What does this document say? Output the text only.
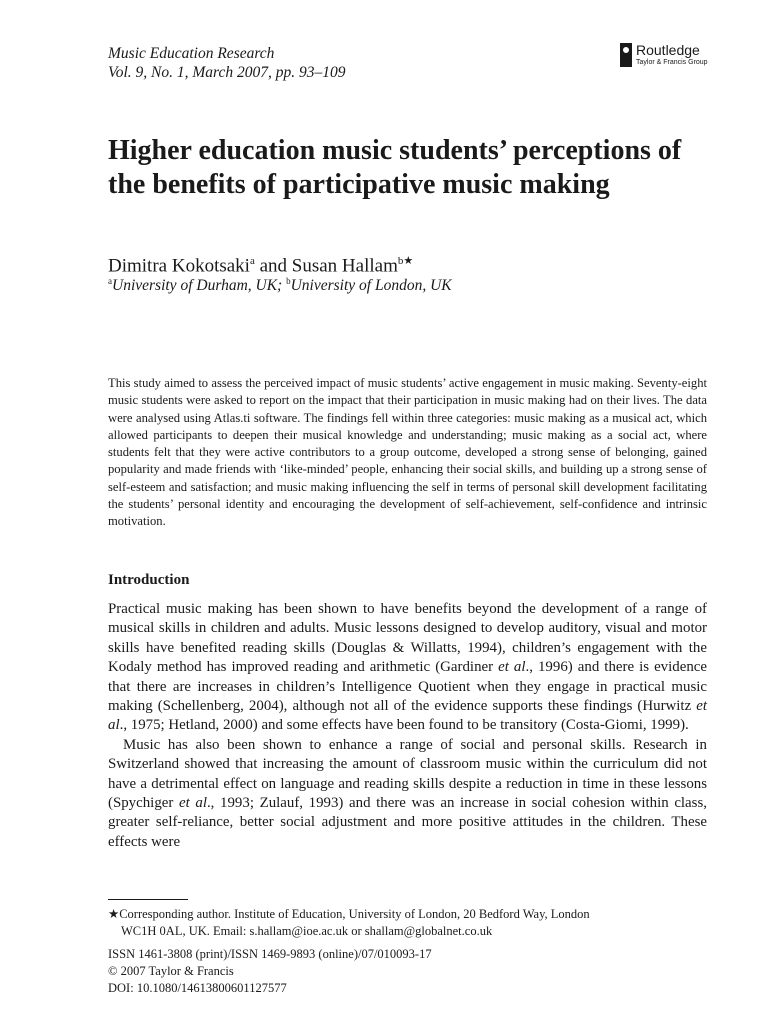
Music Education Research
Vol. 9, No. 1, March 2007, pp. 93–109
Routledge
Taylor & Francis Group
Higher education music students’ perceptions of the benefits of participative music making
Dimitra Kokotsaki$^a$ and Susan Hallam$^{b★}$
$^a$University of Durham, UK; $^b$University of London, UK

This study aimed to assess the perceived impact of music students’ active engagement in music making. Seventy-eight music students were asked to report on the impact that their participation in music making had on their lives. The data were analysed using Atlas.ti software. The findings fell within three categories: music making as a musical act, which allowed participants to deepen their musical knowledge and understanding; music making as a social act, where students felt that they were active contributors to a group outcome, developed a strong sense of belonging, gained popularity and made friends with ‘like-minded’ people, enhancing their social skills, and building up a strong sense of self-esteem and satisfaction; and music making influencing the self in terms of personal skill development facilitating the students’ personal identity and encouraging the development of self-achievement, self-confidence and intrinsic motivation.

Introduction

Practical music making has been shown to have benefits beyond the development of a range of musical skills in children and adults. Music lessons designed to develop auditory, visual and motor skills have benefited reading skills (Douglas & Willatts, 1994), children’s engagement with the Kodaly method has improved reading and arithmetic (Gardiner et al., 1996) and there is evidence that there are increases in children’s Intelligence Quotient when they engage in practical music making (Schellenberg, 2004), although not all of the evidence supports these findings (Hurwitz et al., 1975; Hetland, 2000) and some effects have been found to be transitory (Costa-Giomi, 1999).

Music has also been shown to enhance a range of social and personal skills. Research in Switzerland showed that increasing the amount of classroom music within the curriculum did not have a detrimental effect on language and reading skills despite a reduction in time in these lessons (Spychiger et al., 1993; Zulauf, 1993) and there was an increase in social cohesion within class, greater self-reliance, better social adjustment and more positive attitudes in the children. These effects were

★Corresponding author. Institute of Education, University of London, 20 Bedford Way, London
WC1H 0AL, UK. Email: s.hallam@ioe.ac.uk or shallam@globalnet.co.uk

ISSN 1461-3808 (print)/ISSN 1469-9893 (online)/07/010093-17
© 2007 Taylor & Francis
DOI: 10.1080/14613800601127577
